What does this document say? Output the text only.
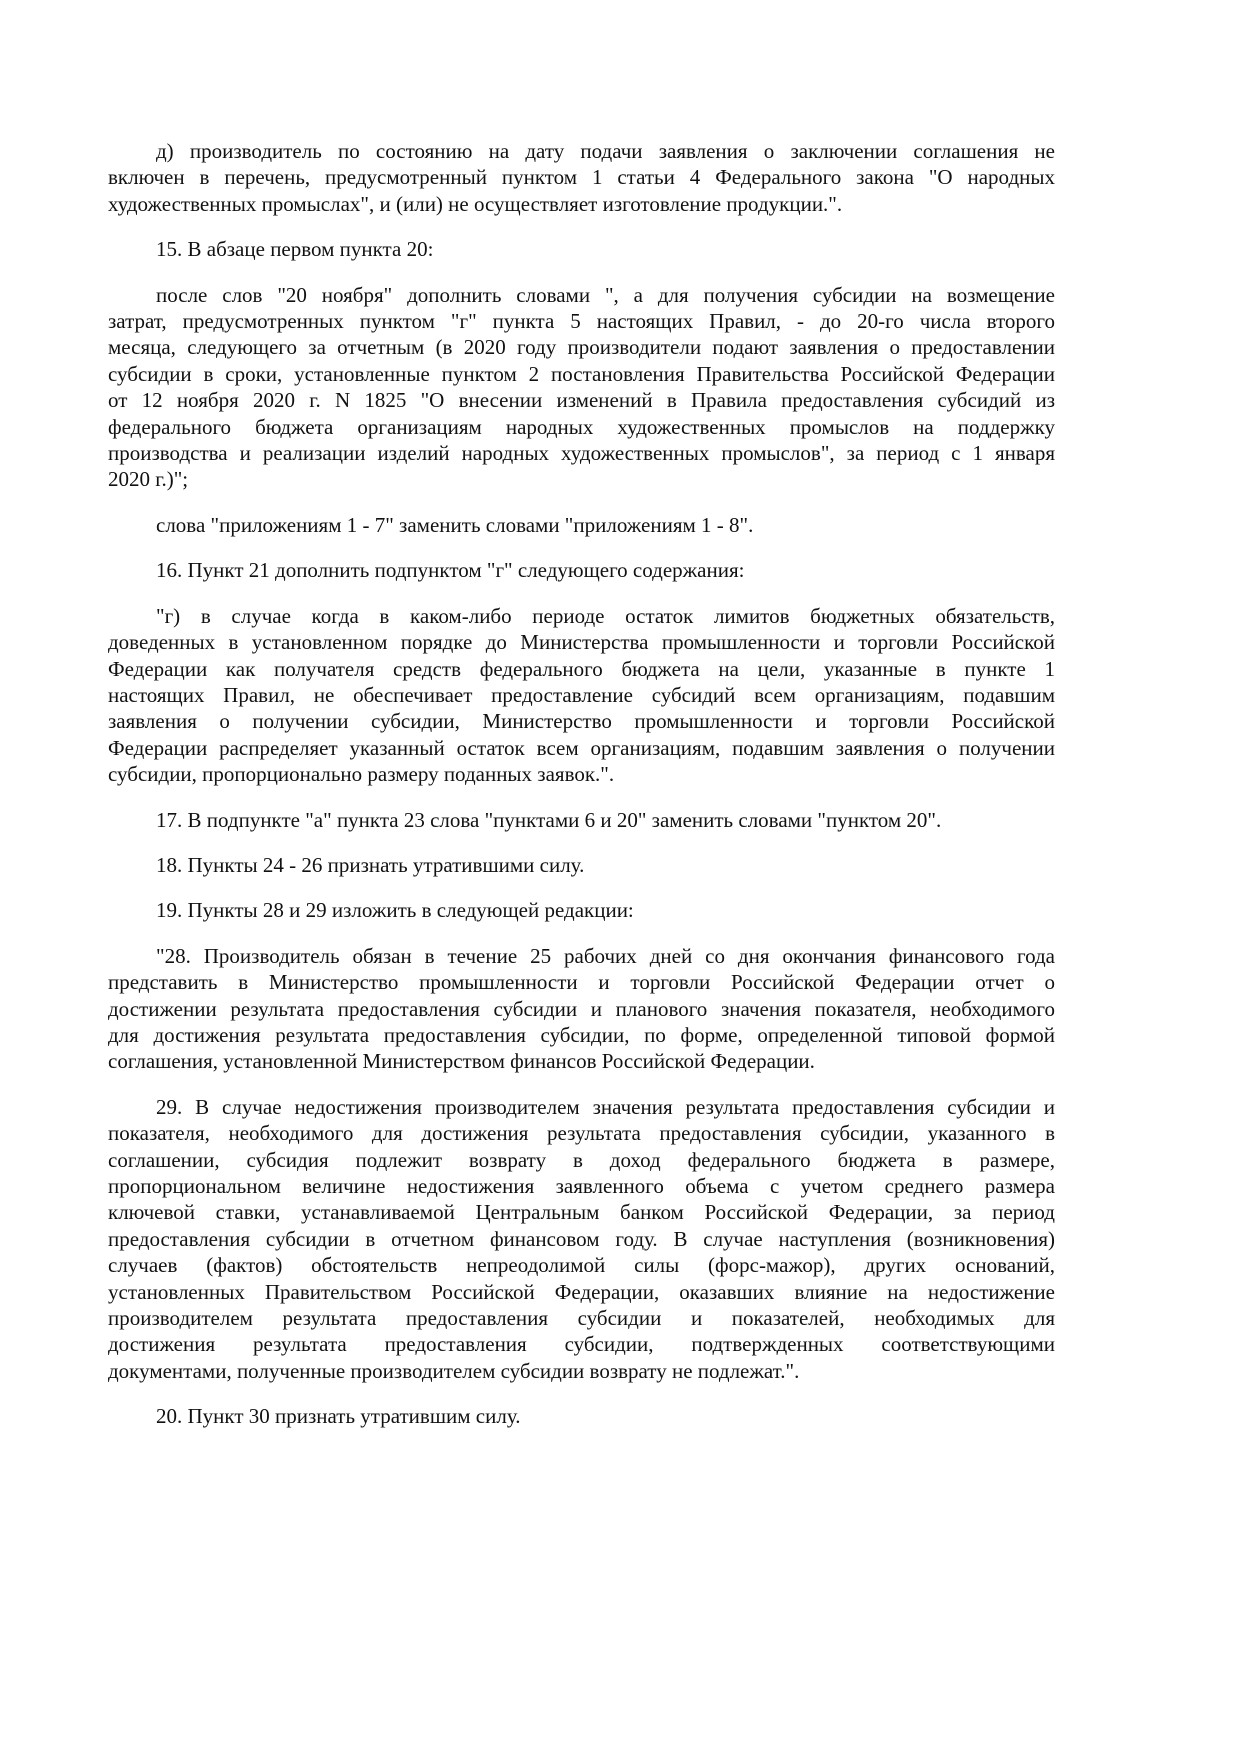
д) производитель по состоянию на дату подачи заявления о заключении соглашения не
включен в перечень, предусмотренный пунктом 1 статьи 4 Федерального закона "О народных
художественных промыслах", и (или) не осуществляет изготовление продукции.".
15. В абзаце первом пункта 20:
после слов "20 ноября" дополнить словами ", а для получения субсидии на возмещение
затрат, предусмотренных пунктом "г" пункта 5 настоящих Правил, - до 20-го числа второго
месяца, следующего за отчетным (в 2020 году производители подают заявления о предоставлении
субсидии в сроки, установленные пунктом 2 постановления Правительства Российской Федерации
от 12 ноября 2020 г. N 1825 "О внесении изменений в Правила предоставления субсидий из
федерального бюджета организациям народных художественных промыслов на поддержку
производства и реализации изделий народных художественных промыслов", за период с 1 января
2020 г.)";
слова "приложениям 1 - 7" заменить словами "приложениям 1 - 8".
16. Пункт 21 дополнить подпунктом "г" следующего содержания:
"г) в случае когда в каком-либо периоде остаток лимитов бюджетных обязательств,
доведенных в установленном порядке до Министерства промышленности и торговли Российской
Федерации как получателя средств федерального бюджета на цели, указанные в пункте 1
настоящих Правил, не обеспечивает предоставление субсидий всем организациям, подавшим
заявления о получении субсидии, Министерство промышленности и торговли Российской
Федерации распределяет указанный остаток всем организациям, подавшим заявления о получении
субсидии, пропорционально размеру поданных заявок.".
17. В подпункте "а" пункта 23 слова "пунктами 6 и 20" заменить словами "пунктом 20".
18. Пункты 24 - 26 признать утратившими силу.
19. Пункты 28 и 29 изложить в следующей редакции:
"28. Производитель обязан в течение 25 рабочих дней со дня окончания финансового года
представить в Министерство промышленности и торговли Российской Федерации отчет о
достижении результата предоставления субсидии и планового значения показателя, необходимого
для достижения результата предоставления субсидии, по форме, определенной типовой формой
соглашения, установленной Министерством финансов Российской Федерации.
29. В случае недостижения производителем значения результата предоставления субсидии и
показателя, необходимого для достижения результата предоставления субсидии, указанного в
соглашении, субсидия подлежит возврату в доход федерального бюджета в размере,
пропорциональном величине недостижения заявленного объема с учетом среднего размера
ключевой ставки, устанавливаемой Центральным банком Российской Федерации, за период
предоставления субсидии в отчетном финансовом году. В случае наступления (возникновения)
случаев (фактов) обстоятельств непреодолимой силы (форс-мажор), других оснований,
установленных Правительством Российской Федерации, оказавших влияние на недостижение
производителем результата предоставления субсидии и показателей, необходимых для
достижения результата предоставления субсидии, подтвержденных соответствующими
документами, полученные производителем субсидии возврату не подлежат.".
20. Пункт 30 признать утратившим силу.
